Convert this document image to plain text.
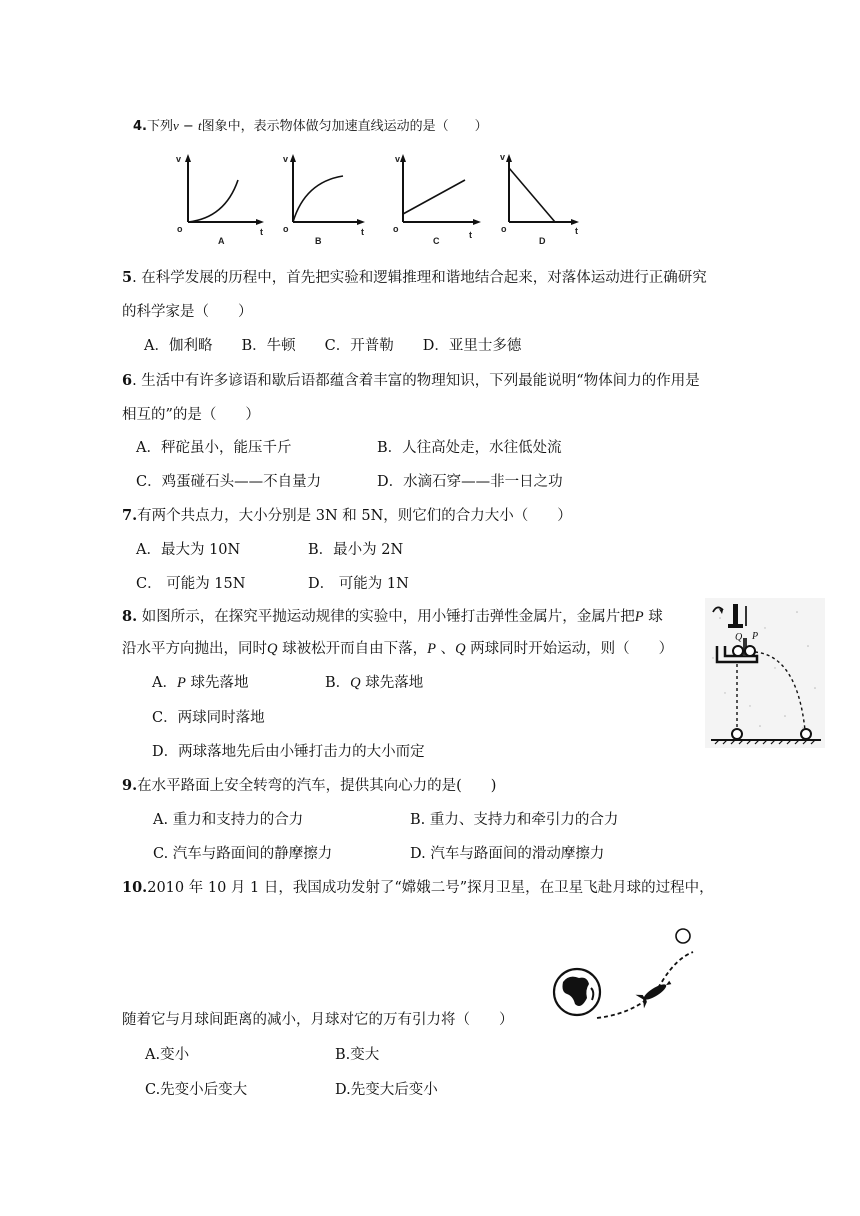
4.下列v − t图象中，表示物体做匀加速直线运动的是（　　）
v
o	t
A
v
o	t
B
v
o
t
C
v
o	t
D
5. 在科学发展的历程中，首先把实验和逻辑推理和谐地结合起来，对落体运动进行正确研究
的科学家是（　　）
A．伽利略　　B．牛顿　　C．开普勒　　D．亚里士多德
6. 生活中有许多谚语和歇后语都蕴含着丰富的物理知识，下列最能说明“物体间力的作用是
相互的”的是（　　）
A．秤砣虽小，能压千斤	B．人往高处走，水往低处流
C．鸡蛋碰石头——不自量力	D．水滴石穿——非一日之功
7.有两个共点力，大小分别是 3N 和 5N，则它们的合力大小（　　）
A．最大为 10N	B．最小为 2N
C． 可能为 15N	D． 可能为 1N
8. 如图所示，在探究平抛运动规律的实验中，用小锤打击弹性金属片，金属片把P 球
沿水平方向抛出，同时Q 球被松开而自由下落，P 、Q 两球同时开始运动，则（　　）
A．P 球先落地	B．Q 球先落地
C．两球同时落地
D．两球落地先后由小锤打击力的大小而定
Q P
9.在水平路面上安全转弯的汽车，提供其向心力的是(　　)
A. 重力和支持力的合力	B. 重力、支持力和牵引力的合力
C. 汽车与路面间的静摩擦力	D. 汽车与路面间的滑动摩擦力
10.2010 年 10 月 1 日，我国成功发射了“嫦娥二号”探月卫星，在卫星飞赴月球的过程中，
随着它与月球间距离的减小，月球对它的万有引力将（　　）
A.变小	B.变大
C.先变小后变大	D.先变大后变小
